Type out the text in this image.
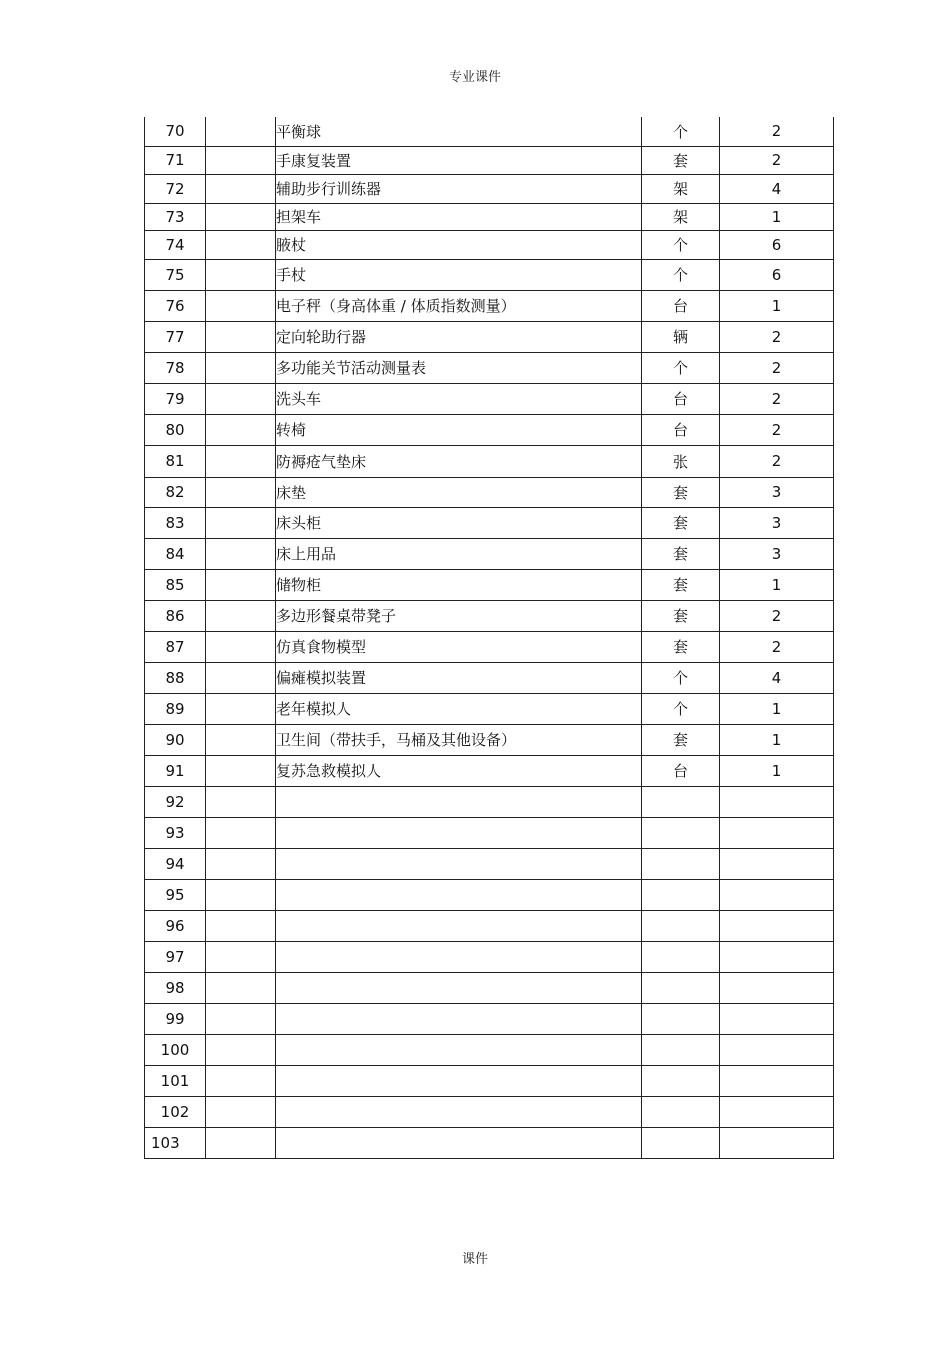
专业课件
70		平衡球	个	2
71		手康复装置	套	2
72		辅助步行训练器	架	4
73		担架车	架	1
74		腋杖	个	6
75		手杖	个	6
76		电子秤（身高体重 / 体质指数测量）	台	1
77		定向轮助行器	辆	2
78		多功能关节活动测量表	个	2
79		洗头车	台	2
80		转椅	台	2
81		防褥疮气垫床	张	2
82		床垫	套	3
83		床头柜	套	3
84		床上用品	套	3
85		储物柜	套	1
86		多边形餐桌带凳子	套	2
87		仿真食物模型	套	2
88		偏瘫模拟装置	个	4
89		老年模拟人	个	1
90		卫生间（带扶手，马桶及其他设备）	套	1
91		复苏急救模拟人	台	1
92				
93				
94				
95				
96				
97				
98				
99				
100				
101				
102				
103				
课件
